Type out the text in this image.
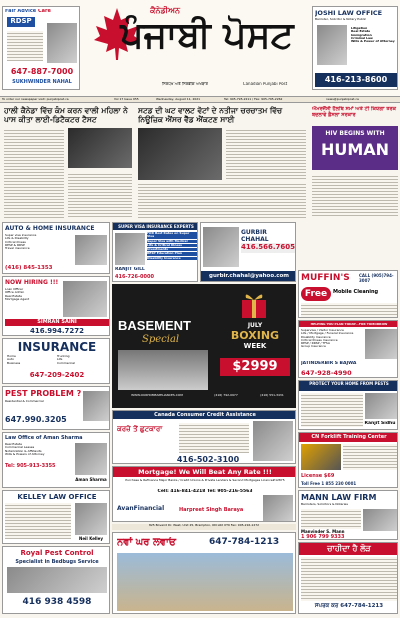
Fair Advice Care
RDSP
647-887-7000
SUKHWINDER NAHAL
ਕੈਨੇਡੀਅਨ
ਪੰਜਾਬੀ ਪੋਸਟ
ਨਿਰਪੱਖ ਅਤੇ ਨਿਰਭੀਕ ਅਖਬਾਰ	Canadian Punjabi Post
JOSHI LAW OFFICE
Barrister, Solicitor & Notary Public
Litigation
Real Estate
Immigration
Criminal Law
Wills & Power of Attorney
416-213-8600
To order our newspaper visit: punjabipost.ca	Vol 17 Issue 955	Wednesday, August 11, 2021	Tel: 905-795-2211 / Fax: 905-795-2262	news@punjabipost.ca
ਹਾਲੀ ਕੈਨੇਡਾ ਵਿੱਚ ਕੰਮ ਕਰਨ ਵਾਲੀ ਮਹਿਲਾ ਨੇ ਪਾਸ ਕੀਤਾ ਲਾਈ-ਡਿਟੈਕਟਰ ਟੈਸਟ
ਸਟਡ ਦੀ ਘਟ ਵਾਲਟ ਵੋਟਾਂ ਦੇ ਨਤੀਜਾ ਚਰਚਾਤਮ ਵਿੱਚ ਨਿਊਜ਼ਿਕ ਐਂਸਰ ਵੈੱਡ ਐਂਕਟਣ ਸਾਈ
ਐਮਰਜੈਂਸੀ ਹੈਲਥਿ ਸਮਾਂ ਅਤੇ ਟੀ ਕਿਯੋਗਾ ਤਰਕ ਬਦਲਾਵੇ ਫ਼ੈਸਲਾ ਸਰਕਾਰ
HIV BEGINS WITH
HUMAN
AUTO & HOME INSURANCE
Super visa insurance
Life & Disability
Critical illness
RESP & RRSP
Travel insurance
(416) 845-1353
NOW HIRING !!!
Loan Officer
Office Admin
Real Estate
Mortgage Agent
SIMRAN SAINI
416.994.7272
INSURANCE
Home
Auto
Business
Trucking
Life
Commercial
647-209-2402
PEST PROBLEM ?
Residential & Commercial
647.990.3205
Law Office of Aman Sharma
Real Estate
Commercial Leases
Notarization & Affidavits
Wills & Powers of Attorney
Tel: 905-913-3355
Aman Sharma
KELLEY LAW OFFICE
Neil Kelley
Royal Pest Control
Specialist in Bedbugs Service
416 938 4598
SUPER VISA INSURANCE EXPERTS
FOR Best Rates on Super Visa
Super Visa with Medical
Life & Critical Illness
Investments
RESP Education Plan
Disability Insurance
RANJIT GILL
416-726-0000
GURBIR CHAHAL
416.566.7605
gurbir.chahal@yahoo.com
BASEMENT
Special
JULY
BOXING
WEEK
$2999
WWW.OURHOMEAPPLIANCES.COM	(416) 792-0977	(416) 551-3431
Canada Consumer Credit Assistance
ਕਰਜ਼ੇ ਤੋਂ ਛੁਟਕਾਰਾ
416-502-3100
Mortgage! We Will Beat Any Rate !!!
Purchase & Refinance Major Banks / Credit Unions & Private Lenders & Second Mortgages Licence#12875
Cell: 416-841-4218 Tel: 905-216-5563
AvanFinancial	Harpreet Singh Baraya
825 Bovaird Dr. West, Unit 25, Brampton, ON L6X 0T9 Fax: 905-216-1272
ਨਵਾਂ ਘਰ ਲਵਾਓ	647-784-1213
MUFFIN'S	CALL (905)794-3007
Free	Mobile Cleaning
HELPING YOU PLAN TODAY...FOR TOMORROW
Supervisa / Visitor Insurance
Life / Mortgage / Funeral Insurance
Disability Insurance
Critical Illness Insurance
RESP / RRSP / TFSA
Group Insurance
JATINDERBIR S BAJWA
647-928-4990
PROTECT YOUR HOME FROM PESTS
Ranjit Sidhu
CN Forklift Training Center
License $69
Toll Free 1 855 230 0001
MANN LAW FIRM
Barristers, Solicitors & Notaries
Manvinder S. Mann
1 906 799 9333
ਚਾਹੀਦਾ ਹੈ ਲੋੜ
ਸੰਪਰਕ ਕਰੋ 647-784-1213
